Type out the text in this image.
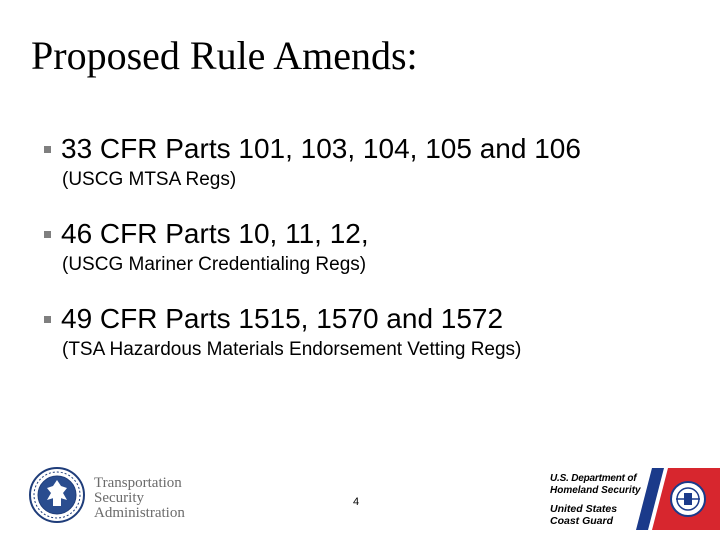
Proposed Rule Amends:
33 CFR Parts 101, 103, 104, 105 and 106
(USCG MTSA Regs)
46 CFR Parts 10, 11, 12,
(USCG Mariner Credentialing Regs)
49 CFR Parts 1515, 1570 and 1572
(TSA Hazardous Materials Endorsement Vetting Regs)
Transportation
Security
Administration
4
U.S. Department of
Homeland Security
United States
Coast Guard
